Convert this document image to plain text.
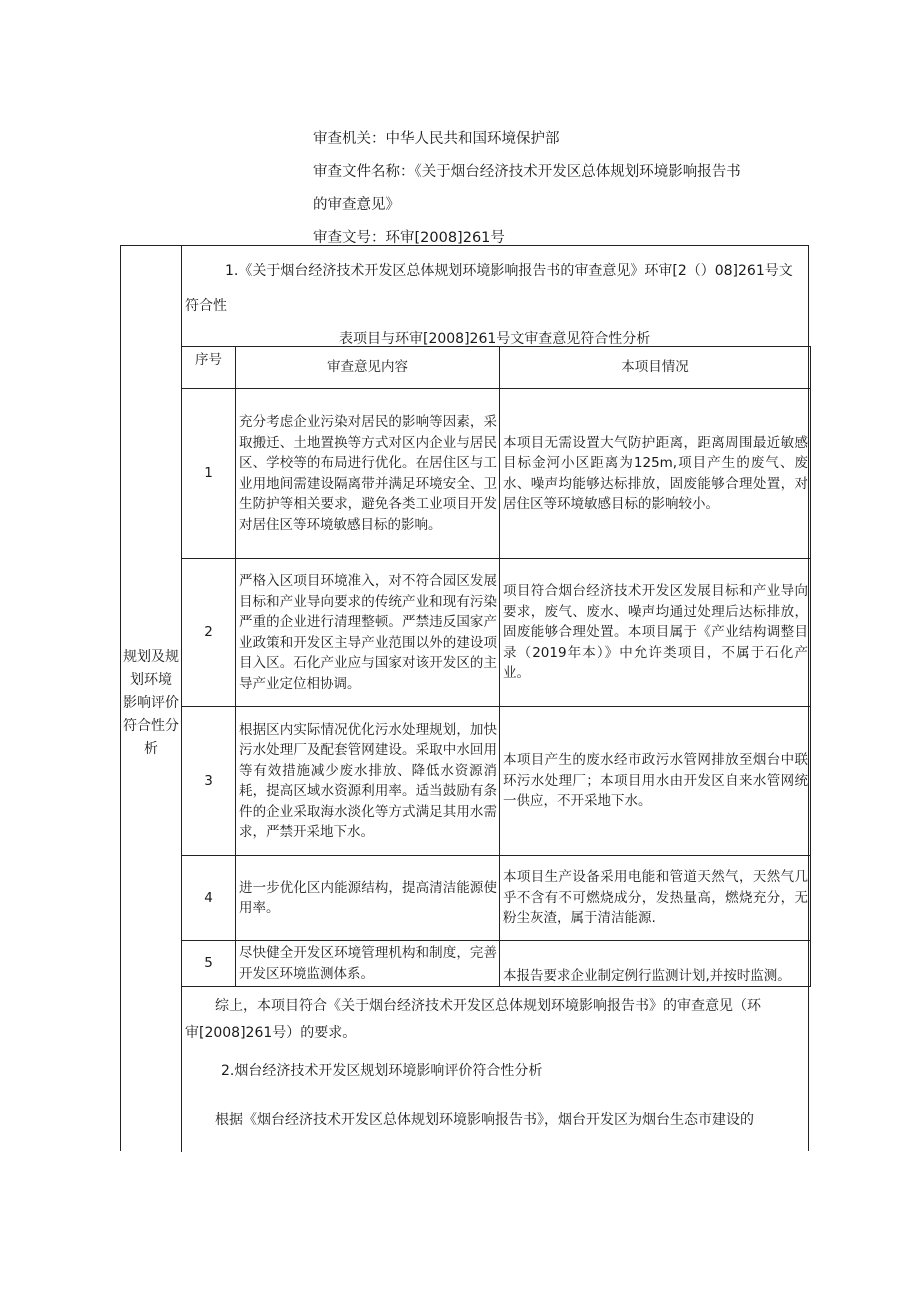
审查机关：中华人民共和国环境保护部
审查文件名称：《关于烟台经济技术开发区总体规划环境影响报告书
的审查意见》
审查文号：环审[2008]261号
规划及规
划环境
影响评价
符合性分
析
1.《关于烟台经济技术开发区总体规划环境影响报告书的审查意见》环审[2（）08]261号文
符合性
表项目与环审[2008]261号文审查意见符合性分析
序号	审查意见内容	本项目情况
1	充分考虑企业污染对居民的影响等因素，采取搬迁、土地置换等方式对区内企业与居民区、学校等的布局进行优化。在居住区与工业用地间需建设隔离带并满足环境安全、卫生防护等相关要求，避免各类工业项目开发对居住区等环境敏感目标的影响。	本项目无需设置大气防护距离，距离周围最近敏感目标金河小区距离为125m,项目产生的废气、废水、噪声均能够达标排放，固废能够合理处置，对居住区等环境敏感目标的影响较小。
2	严格入区项目环境准入，对不符合园区发展目标和产业导向要求的传统产业和现有污染严重的企业进行清理整顿。严禁违反国家产业政策和开发区主导产业范围以外的建设项目入区。石化产业应与国家对该开发区的主导产业定位相协调。	项目符合烟台经济技术开发区发展目标和产业导向要求，废气、废水、噪声均通过处理后达标排放，固废能够合理处置。本项目属于《产业结构调整目录（2019年本）》中允许类项目，不属于石化产业。
3	根据区内实际情况优化污水处理规划，加快污水处理厂及配套管网建设。采取中水回用等有效措施减少废水排放、降低水资源消耗，提高区域水资源利用率。适当鼓励有条件的企业采取海水淡化等方式满足其用水需求，严禁开采地下水。	本项目产生的废水经市政污水管网排放至烟台中联环污水处理厂；本项目用水由开发区自来水管网统一供应，不开采地下水。
4	进一步优化区内能源结构，提高清洁能源使用率。	本项目生产设备采用电能和管道天然气，天然气几乎不含有不可燃烧成分，发热量高，燃烧充分，无粉尘灰渣，属于清洁能源.
5	尽快健全开发区环境管理机构和制度，完善开发区环境监测体系。	本报告要求企业制定例行监测计划,并按时监测。
综上，本项目符合《关于烟台经济技术开发区总体规划环境影响报告书》的审查意见（环
审[2008]261号）的要求。
2.烟台经济技术开发区规划环境影响评价符合性分析
根据《烟台经济技术开发区总体规划环境影响报告书》，烟台开发区为烟台生态市建设的
